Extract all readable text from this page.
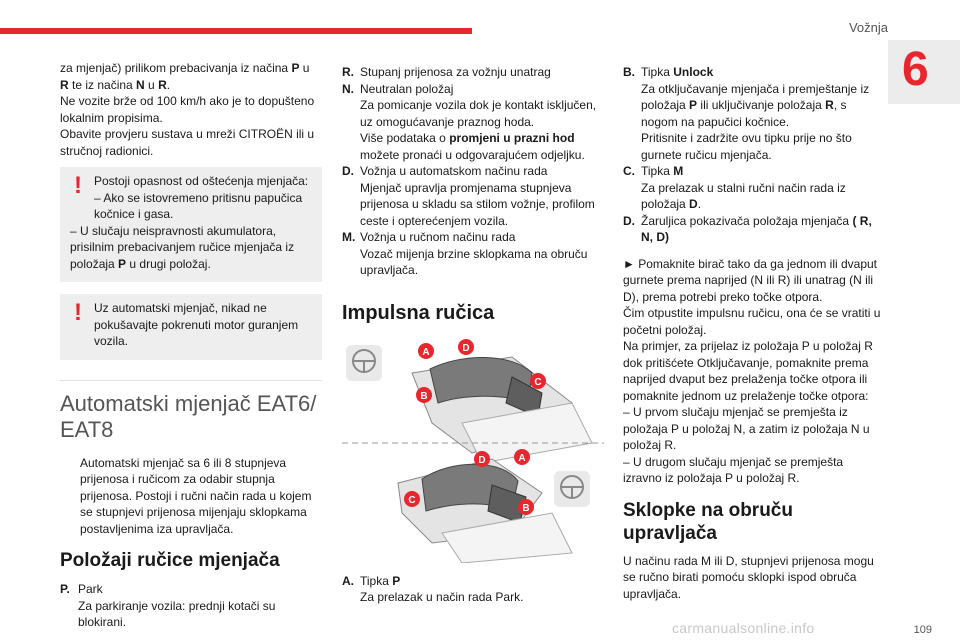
Vožnja
6

za mjenjač) prilikom prebacivanja iz načina P u
R te iz načina N u R.

Ne vozite brže od 100 km/h ako je to dopušteno lokalnim propisima.

Obavite provjeru sustava u mreži CITROËN ili u stručnoj radionici.

!	Postoji opasnost od oštećenja mjenjača:

– Ako se istovremeno pritisnu papučica kočnice i gasa.

– U slučaju neispravnosti akumulatora, prisilnim prebacivanjem ručice mjenjača iz položaja P u drugi položaj.

!	Uz automatski mjenjač, nikad ne pokušavajte pokrenuti motor guranjem vozila.

Automatski mjenjač EAT6/ EAT8

Automatski mjenjač sa 6 ili 8 stupnjeva prijenosa i ručicom za odabir stupnja prijenosa. Postoji i ručni način rada u kojem se stupnjevi prijenosa mijenjaju sklopkama postavljenima iza upravljača.

Položaji ručice mjenjača
P. Park
Za parkiranje vozila: prednji kotači su blokirani.
R. Stupanj prijenosa za vožnju unatrag
N. Neutralan položaj
Za pomicanje vozila dok je kontakt isključen, uz omogućavanje praznog hoda.
Više podataka o promjeni u prazni hod možete pronaći u odgovarajućem odjeljku.
D. Vožnja u automatskom načinu rada
Mjenjač upravlja promjenama stupnjeva prijenosa u skladu sa stilom vožnje, profilom ceste i opterećenjem vozila.
M. Vožnja u ručnom načinu rada
Vozač mijenja brzine sklopkama na obruču upravljača.
Impulsna ručica
A	D
C
B
D	A
C
B
A. Tipka P
Za prelazak u način rada Park.
B. Tipka Unlock
Za otključavanje mjenjača i premještanje iz položaja P ili uključivanje položaja R, s nogom na papučici kočnice.
Pritisnite i zadržite ovu tipku prije no što gurnete ručicu mjenjača.
C. Tipka M
Za prelazak u stalni ručni način rada iz položaja D.
D. Žaruljica pokazivača položaja mjenjača ( R, N, D)

► Pomaknite birač tako da ga jednom ili dvaput gurnete prema naprijed (N ili R) ili unatrag (N ili D), prema potrebi preko točke otpora.

Čim otpustite impulsnu ručicu, ona će se vratiti u početni položaj.

Na primjer, za prijelaz iz položaja P u položaj R dok pritišćete Otključavanje, pomaknite prema naprijed dvaput bez prelaženja točke otpora ili pomaknite jednom uz prelaženje točke otpora:

– U prvom slučaju mjenjač se premješta iz položaja P u položaj N, a zatim iz položaja N u položaj R.

– U drugom slučaju mjenjač se premješta izravno iz položaja P u položaj R.

Sklopke na obruču upravljača

U načinu rada M ili D, stupnjevi prijenosa mogu se ručno birati pomoću sklopki ispod obruča upravljača.

carmanualsonline.info	109
